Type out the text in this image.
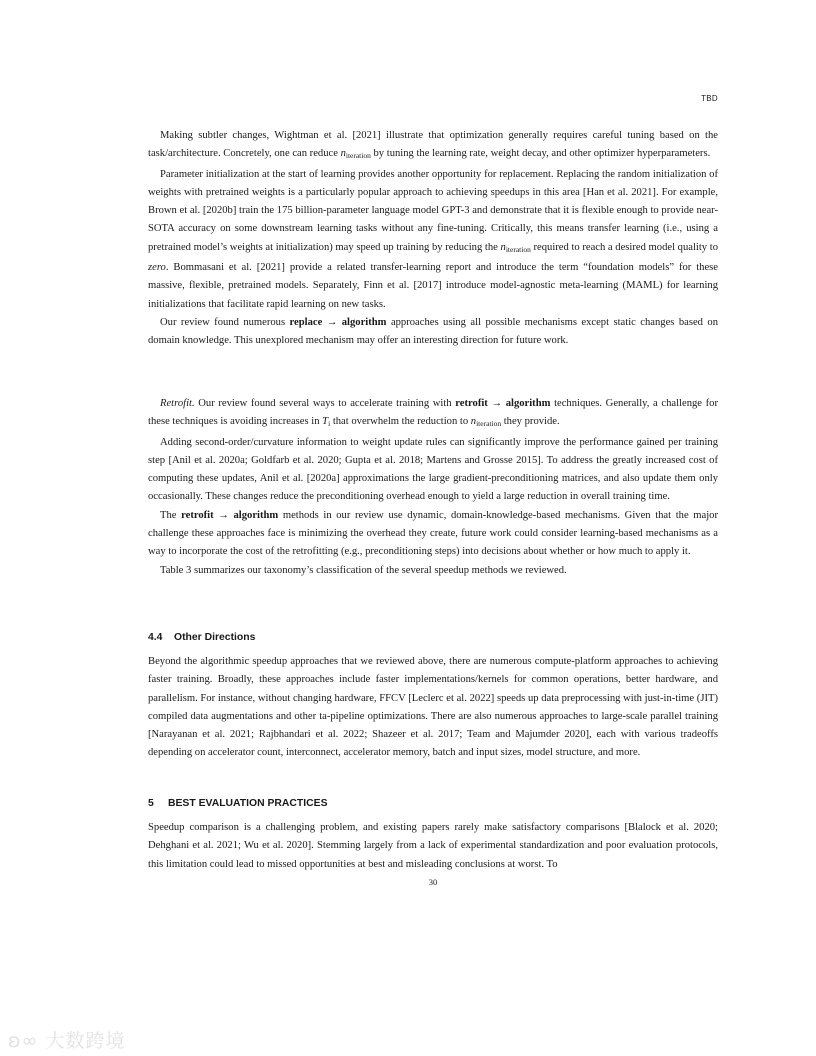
TBD

Making subtler changes, Wightman et al. [2021] illustrate that optimization generally requires careful tuning based on the task/architecture. Concretely, one can reduce $n_{iteration}$ by tuning the learning rate, weight decay, and other optimizer hyperparameters.

Parameter initialization at the start of learning provides another opportunity for replacement. Replacing the random initialization of weights with pretrained weights is a particularly popular approach to achieving speedups in this area [Han et al. 2021]. For example, Brown et al. [2020b] train the 175 billion-parameter language model GPT-3 and demonstrate that it is flexible enough to provide near-SOTA accuracy on some downstream learning tasks without any fine-tuning. Critically, this means transfer learning (i.e., using a pretrained model’s weights at initialization) may speed up training by reducing the $n_{iteration}$ required to reach a desired model quality to zero. Bommasani et al. [2021] provide a related transfer-learning report and introduce the term “foundation models” for these massive, flexible, pretrained models. Separately, Finn et al. [2017] introduce model-agnostic meta-learning (MAML) for learning initializations that facilitate rapid learning on new tasks.

Our review found numerous replace → algorithm approaches using all possible mechanisms except static changes based on domain knowledge. This unexplored mechanism may offer an interesting direction for future work.

Retrofit. Our review found several ways to accelerate training with retrofit → algorithm techniques. Generally, a challenge for these techniques is avoiding increases in $T_i$ that overwhelm the reduction to $n_{iteration}$ they provide.

Adding second-order/curvature information to weight update rules can significantly improve the performance gained per training step [Anil et al. 2020a; Goldfarb et al. 2020; Gupta et al. 2018; Martens and Grosse 2015]. To address the greatly increased cost of computing these updates, Anil et al. [2020a] approximations the large gradient-preconditioning matrices, and also update them only occasionally. These changes reduce the preconditioning overhead enough to yield a large reduction in overall training time.

The retrofit → algorithm methods in our review use dynamic, domain-knowledge-based mechanisms. Given that the major challenge these approaches face is minimizing the overhead they create, future work could consider learning-based mechanisms as a way to incorporate the cost of the retrofitting (e.g., preconditioning steps) into decisions about whether or how much to apply it.

Table 3 summarizes our taxonomy’s classification of the several speedup methods we reviewed.

4.4 Other Directions

Beyond the algorithmic speedup approaches that we reviewed above, there are numerous compute-platform approaches to achieving faster training. Broadly, these approaches include faster implementations/kernels for common operations, better hardware, and parallelism. For instance, without changing hardware, FFCV [Leclerc et al. 2022] speeds up data preprocessing with just-in-time (JIT) compiled data augmentations and other ta-pipeline optimizations. There are also numerous approaches to large-scale parallel training [Narayanan et al. 2021; Rajbhandari et al. 2022; Shazeer et al. 2017; Team and Majumder 2020], each with various tradeoffs depending on accelerator count, interconnect, accelerator memory, batch and input sizes, model structure, and more.

5 BEST EVALUATION PRACTICES

Speedup comparison is a challenging problem, and existing papers rarely make satisfactory comparisons [Blalock et al. 2020; Dehghani et al. 2021; Wu et al. 2020]. Stemming largely from a lack of experimental standardization and poor evaluation protocols, this limitation could lead to missed opportunities at best and misleading conclusions at worst. To

30
ʚ∞ 大数跨境
